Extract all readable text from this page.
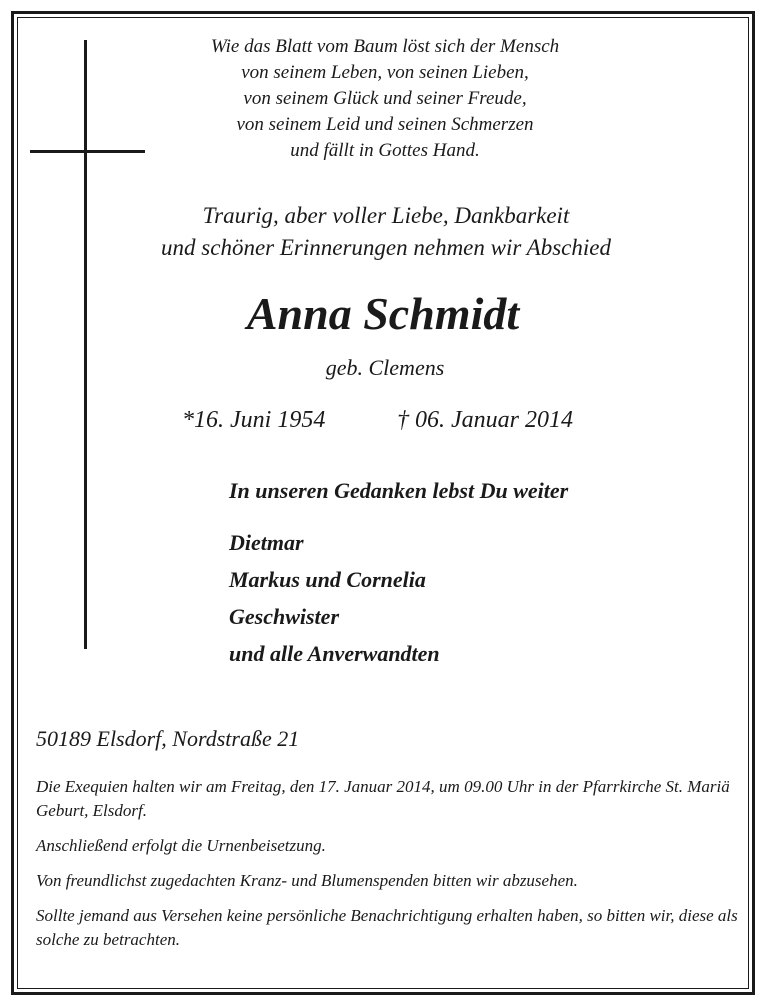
Wie das Blatt vom Baum löst sich der Mensch
von seinem Leben, von seinen Lieben,
von seinem Glück und seiner Freude,
von seinem Leid und seinen Schmerzen
und fällt in Gottes Hand.
Traurig, aber voller Liebe, Dankbarkeit
und schöner Erinnerungen nehmen wir Abschied
Anna Schmidt
geb. Clemens
*16. Juni 1954	† 06. Januar 2014
In unseren Gedanken lebst Du weiter
Dietmar
Markus und Cornelia
Geschwister
und alle Anverwandten
50189 Elsdorf, Nordstraße 21

Die Exequien halten wir am Freitag, den 17. Januar 2014, um 09.00 Uhr in der Pfarrkirche St. Mariä Geburt, Elsdorf.

Anschließend erfolgt die Urnenbeisetzung.

Von freundlichst zugedachten Kranz- und Blumenspenden bitten wir abzusehen.

Sollte jemand aus Versehen keine persönliche Benachrichtigung erhalten haben, so bitten wir, diese als solche zu betrachten.
